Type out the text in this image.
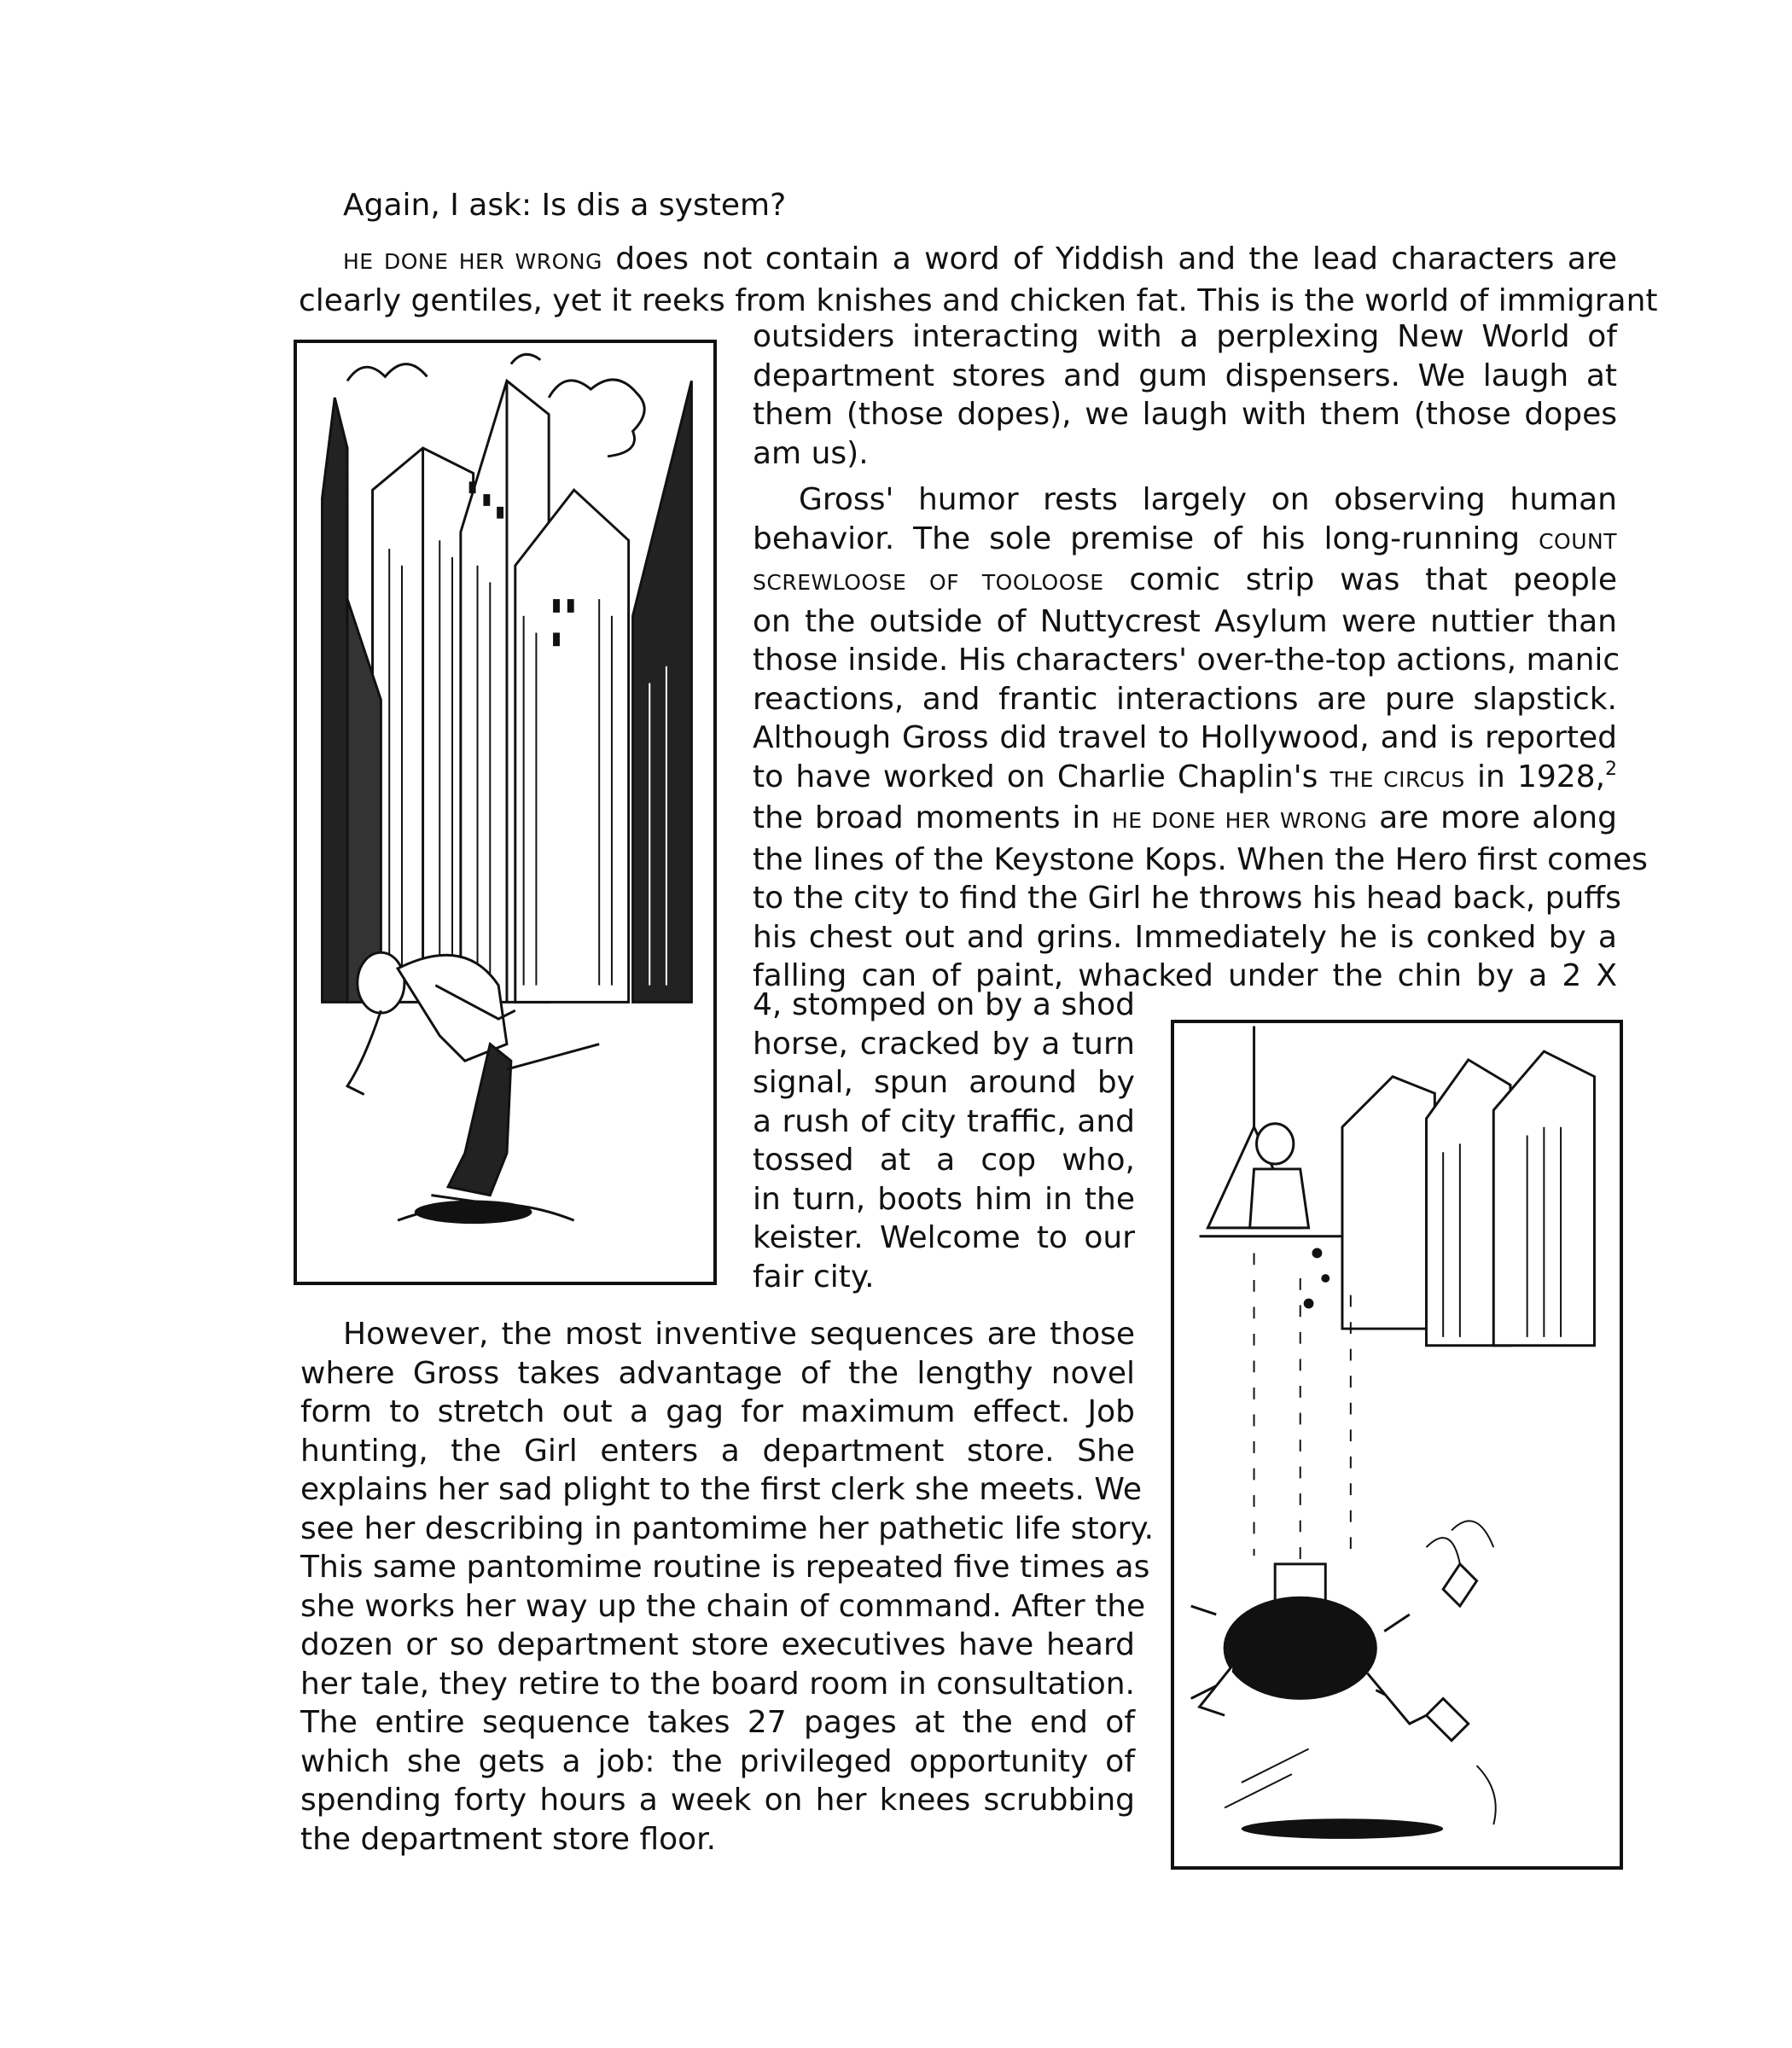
Again, I ask: Is dis a system?

HE DONE HER WRONG does not contain a word of Yiddish and the lead characters are
clearly gentiles, yet it reeks from knishes and chicken fat. This is the world of immigrant
outsiders interacting with a perplexing New World of
department stores and gum dispensers. We laugh at
them (those dopes), we laugh with them (those dopes
am us).
Gross' humor rests largely on observing human
behavior. The sole premise of his long-running COUNT
SCREWLOOSE OF TOOLOOSE comic strip was that people
on the outside of Nuttycrest Asylum were nuttier than
those inside. His characters' over-the-top actions, manic
reactions, and frantic interactions are pure slapstick.
Although Gross did travel to Hollywood, and is reported
to have worked on Charlie Chaplin's THE CIRCUS in 1928,$^2$
the broad moments in HE DONE HER WRONG are more along
the lines of the Keystone Kops. When the Hero first comes
to the city to find the Girl he throws his head back, puffs
his chest out and grins. Immediately he is conked by a
falling can of paint, whacked under the chin by a 2 X
4, stomped on by a shod
horse, cracked by a turn
signal, spun around by
a rush of city traffic, and
tossed at a cop who,
in turn, boots him in the
keister. Welcome to our
fair city.
However, the most inventive sequences are those
where Gross takes advantage of the lengthy novel
form to stretch out a gag for maximum effect. Job
hunting, the Girl enters a department store. She
explains her sad plight to the first clerk she meets. We
see her describing in pantomime her pathetic life story.
This same pantomime routine is repeated five times as
she works her way up the chain of command. After the
dozen or so department store executives have heard
her tale, they retire to the board room in consultation.
The entire sequence takes 27 pages at the end of
which she gets a job: the privileged opportunity of
spending forty hours a week on her knees scrubbing
the department store floor.
